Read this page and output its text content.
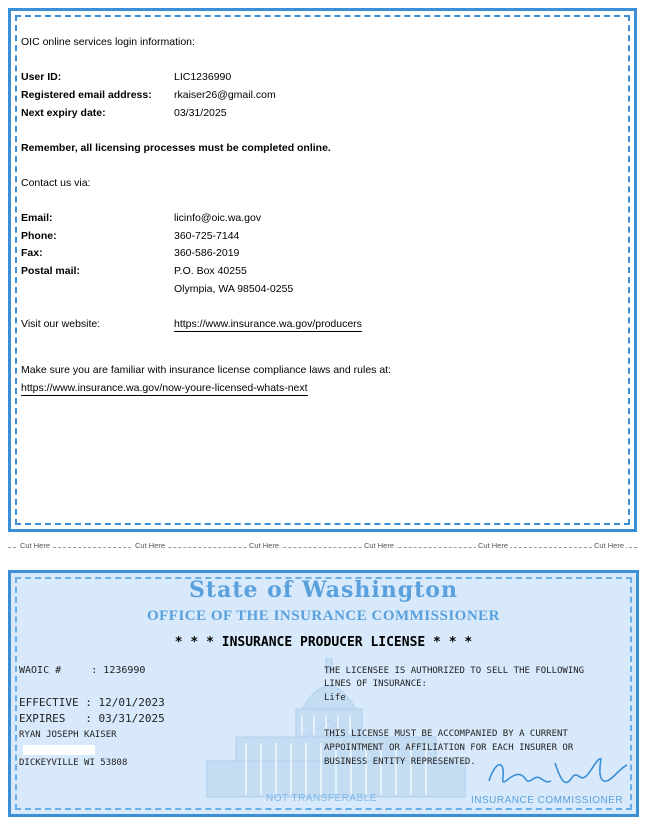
OIC online services login information:
User ID:	LIC1236990
Registered email address: rkaiser26@gmail.com
Next expiry date:	03/31/2025
Remember, all licensing processes must be completed online.
Contact us via:
Email:	licinfo@oic.wa.gov
Phone:	360-725-7144
Fax:	360-586-2019
Postal mail:	P.O. Box 40255
Olympia, WA 98504-0255
Visit our website:	https://www.insurance.wa.gov/producers
Make sure you are familiar with insurance license compliance laws and rules at:
https://www.insurance.wa.gov/now-youre-licensed-whats-next
Cut Here	Cut Here	Cut Here	Cut Here	Cut Here	Cut Here
State of Washington
OFFICE OF THE INSURANCE COMMISSIONER
* * * INSURANCE PRODUCER LICENSE * * *
WAOIC #     : 1236990
EFFECTIVE : 12/01/2023
EXPIRES   : 03/31/2025
RYAN JOSEPH KAISER
DICKEYVILLE WI 53808
THE LICENSEE IS AUTHORIZED TO SELL THE FOLLOWING
LINES OF INSURANCE:
Life
THIS LICENSE MUST BE ACCOMPANIED BY A CURRENT
APPOINTMENT OR AFFILIATION FOR EACH INSURER OR
BUSINESS ENTITY REPRESENTED.
NOT TRANSFERABLE	INSURANCE COMMISSIONER
